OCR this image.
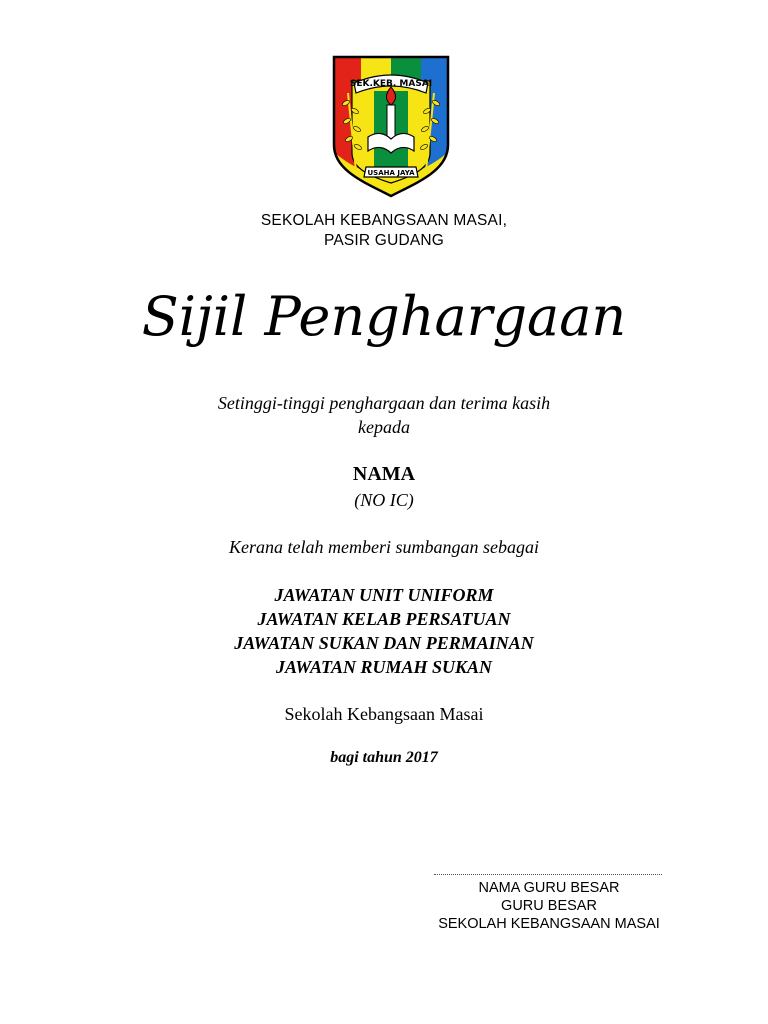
SEK.KEB. MASAI
USAHA JAYA
SEKOLAH KEBANGSAAN MASAI,
PASIR GUDANG
Sijil Penghargaan
Setinggi-tinggi penghargaan dan terima kasih
kepada
NAMA
(NO IC)
Kerana telah memberi sumbangan sebagai
JAWATAN UNIT UNIFORM
JAWATAN KELAB PERSATUAN
JAWATAN SUKAN DAN PERMAINAN
JAWATAN RUMAH SUKAN
Sekolah Kebangsaan Masai
bagi tahun 2017
NAMA GURU BESAR
GURU BESAR
SEKOLAH KEBANGSAAN MASAI
